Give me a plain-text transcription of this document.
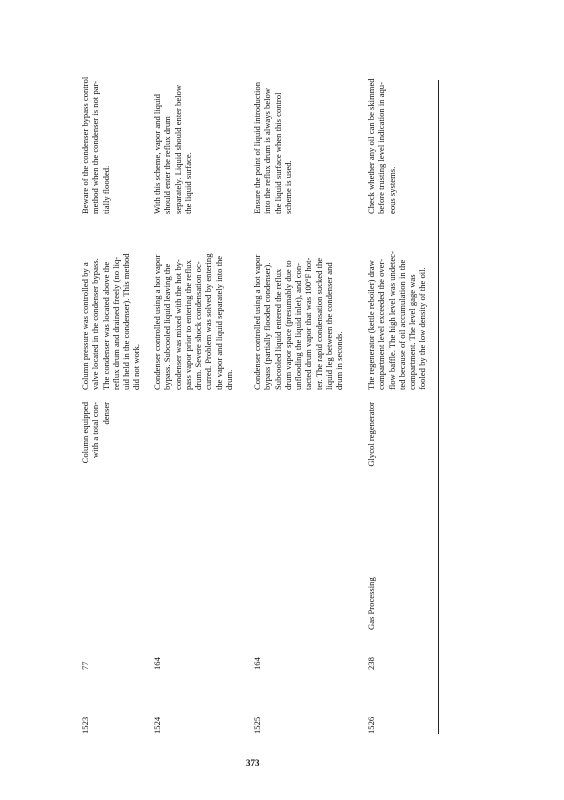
1523
77
Column equipped
with a total con-
denser
Column pressure was controlled by a
valve located in the condenser bypass.
The condenser was located above the
reflux drum and drained freely (no liq-
uid held in the condenser). This method
did not work.
Beware of the condenser bypass control
method when the condenser is not par-
tially flooded.
1524
164
Condenser controlled using a hot vapor
bypass. Subcooled liquid leaving the
condenser was mixed with the hot by-
pass vapor prior to entering the reflux
drum. Severe shock condensation oc-
curred. Problem was solved by entering
the vapor and liquid separately into the
drum.
With this scheme, vapor and liquid
should enter the reflux drum
separately. Liquid should enter below
the liquid surface.
1525
164
Condenser controlled using a hot vapor
bypass (partially flooded condenser).
Subcooled liquid entered the reflux
drum vapor space (presumably due to
unflooding the liquid inlet), and con-
tacted drum vapor that was 100°F hot-
ter. The rapid condensation sucked the
liquid leg between the condenser and
drum in seconds.
Ensure the point of liquid introduction
into the reflux drum is always below
the liquid surface when this control
scheme is used.
1526
238
Gas Processing
Glycol regenerator
The regenerator (kettle reboiler) draw
compartment level exceeded the over-
flow baffle. The high level was undetec-
ted because of oil accumulation in the
compartment. The level gage was
fooled by the low density of the oil.
Check whether any oil can be skimmed
before trusting level indication in aqu-
eous systems.
373
